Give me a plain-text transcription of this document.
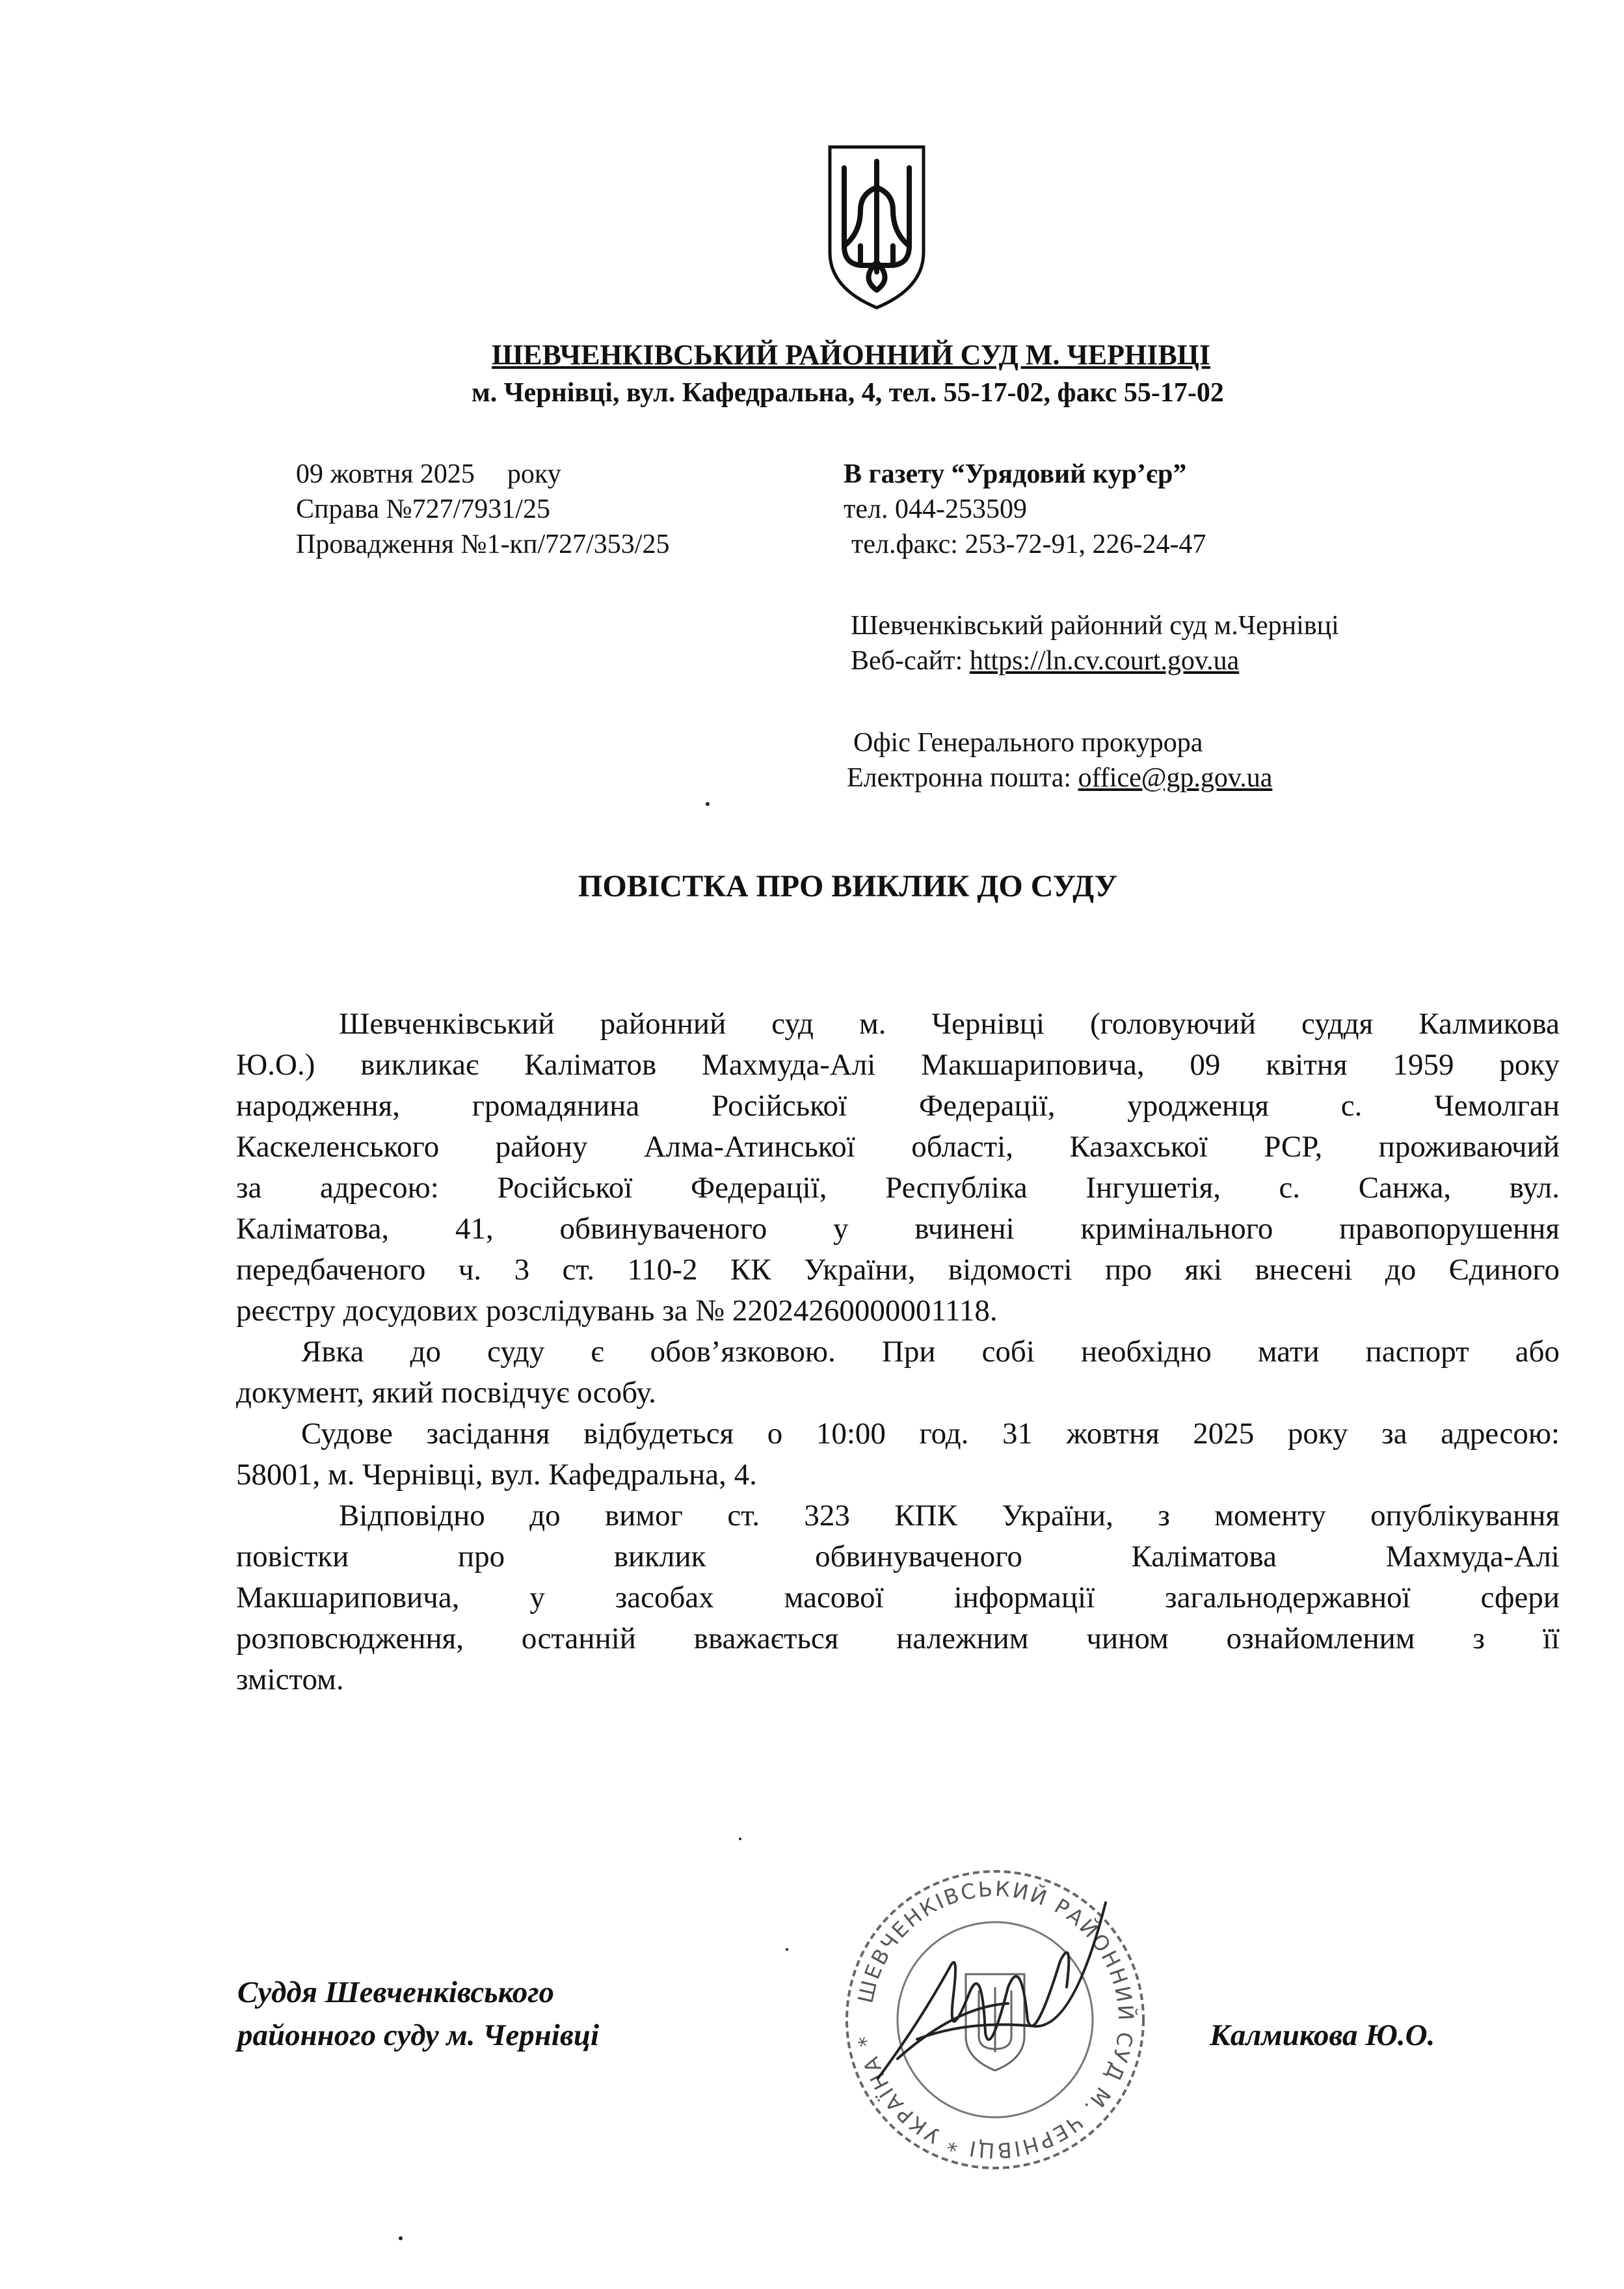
ШЕВЧЕНКІВСЬКИЙ РАЙОННИЙ СУД М. ЧЕРНІВЦІ
м. Чернівці, вул. Кафедральна, 4, тел. 55-17-02, факс 55-17-02
09 жовтня 2025 року
Справа №727/7931/25
Провадження №1-кп/727/353/25
В газету “Урядовий кур’єр”
тел. 044-253509
тел.факс: 253-72-91, 226-24-47
Шевченківський районний суд м.Чернівці
Веб-сайт: https://ln.cv.court.gov.ua
Офіс Генерального прокурора
Електронна пошта: office@gp.gov.ua
ПОВІСТКА ПРО ВИКЛИК ДО СУДУ
Шевченківський районний суд м. Чернівці (головуючий суддя Калмикова
Ю.О.) викликає Каліматов Махмуда-Алі Макшариповича, 09 квітня 1959 року
народження, громадянина Російської Федерації, уродженця с. Чемолган
Каскеленського району Алма-Атинської області, Казахської РСР, проживаючий
за адресою: Російської Федерації, Республіка Інгушетія, с. Санжа, вул.
Каліматова, 41, обвинуваченого у вчинені кримінального правопорушення
передбаченого ч. 3 ст. 110-2 КК України, відомості про які внесені до Єдиного
реєстру досудових розслідувань за № 22024260000001118.
Явка до суду є обов’язковою. При собі необхідно мати паспорт або
документ, який посвідчує особу.
Судове засідання відбудеться о 10:00 год. 31 жовтня 2025 року за адресою:
58001, м. Чернівці, вул. Кафедральна, 4.
Відповідно до вимог ст. 323 КПК України, з моменту опублікування
повістки про виклик обвинуваченого Каліматова Махмуда-Алі
Макшариповича, у засобах масової інформації загальнодержавної сфери
розповсюдження, останній вважається належним чином ознайомленим з її
змістом.
Суддя Шевченківського
районного суду м. Чернівці	Калмикова Ю.О.
ШЕВЧЕНКІВСЬКИЙ РАЙОННИЙ СУД М. ЧЕРНІВЦІ * УКРАЇНА *
